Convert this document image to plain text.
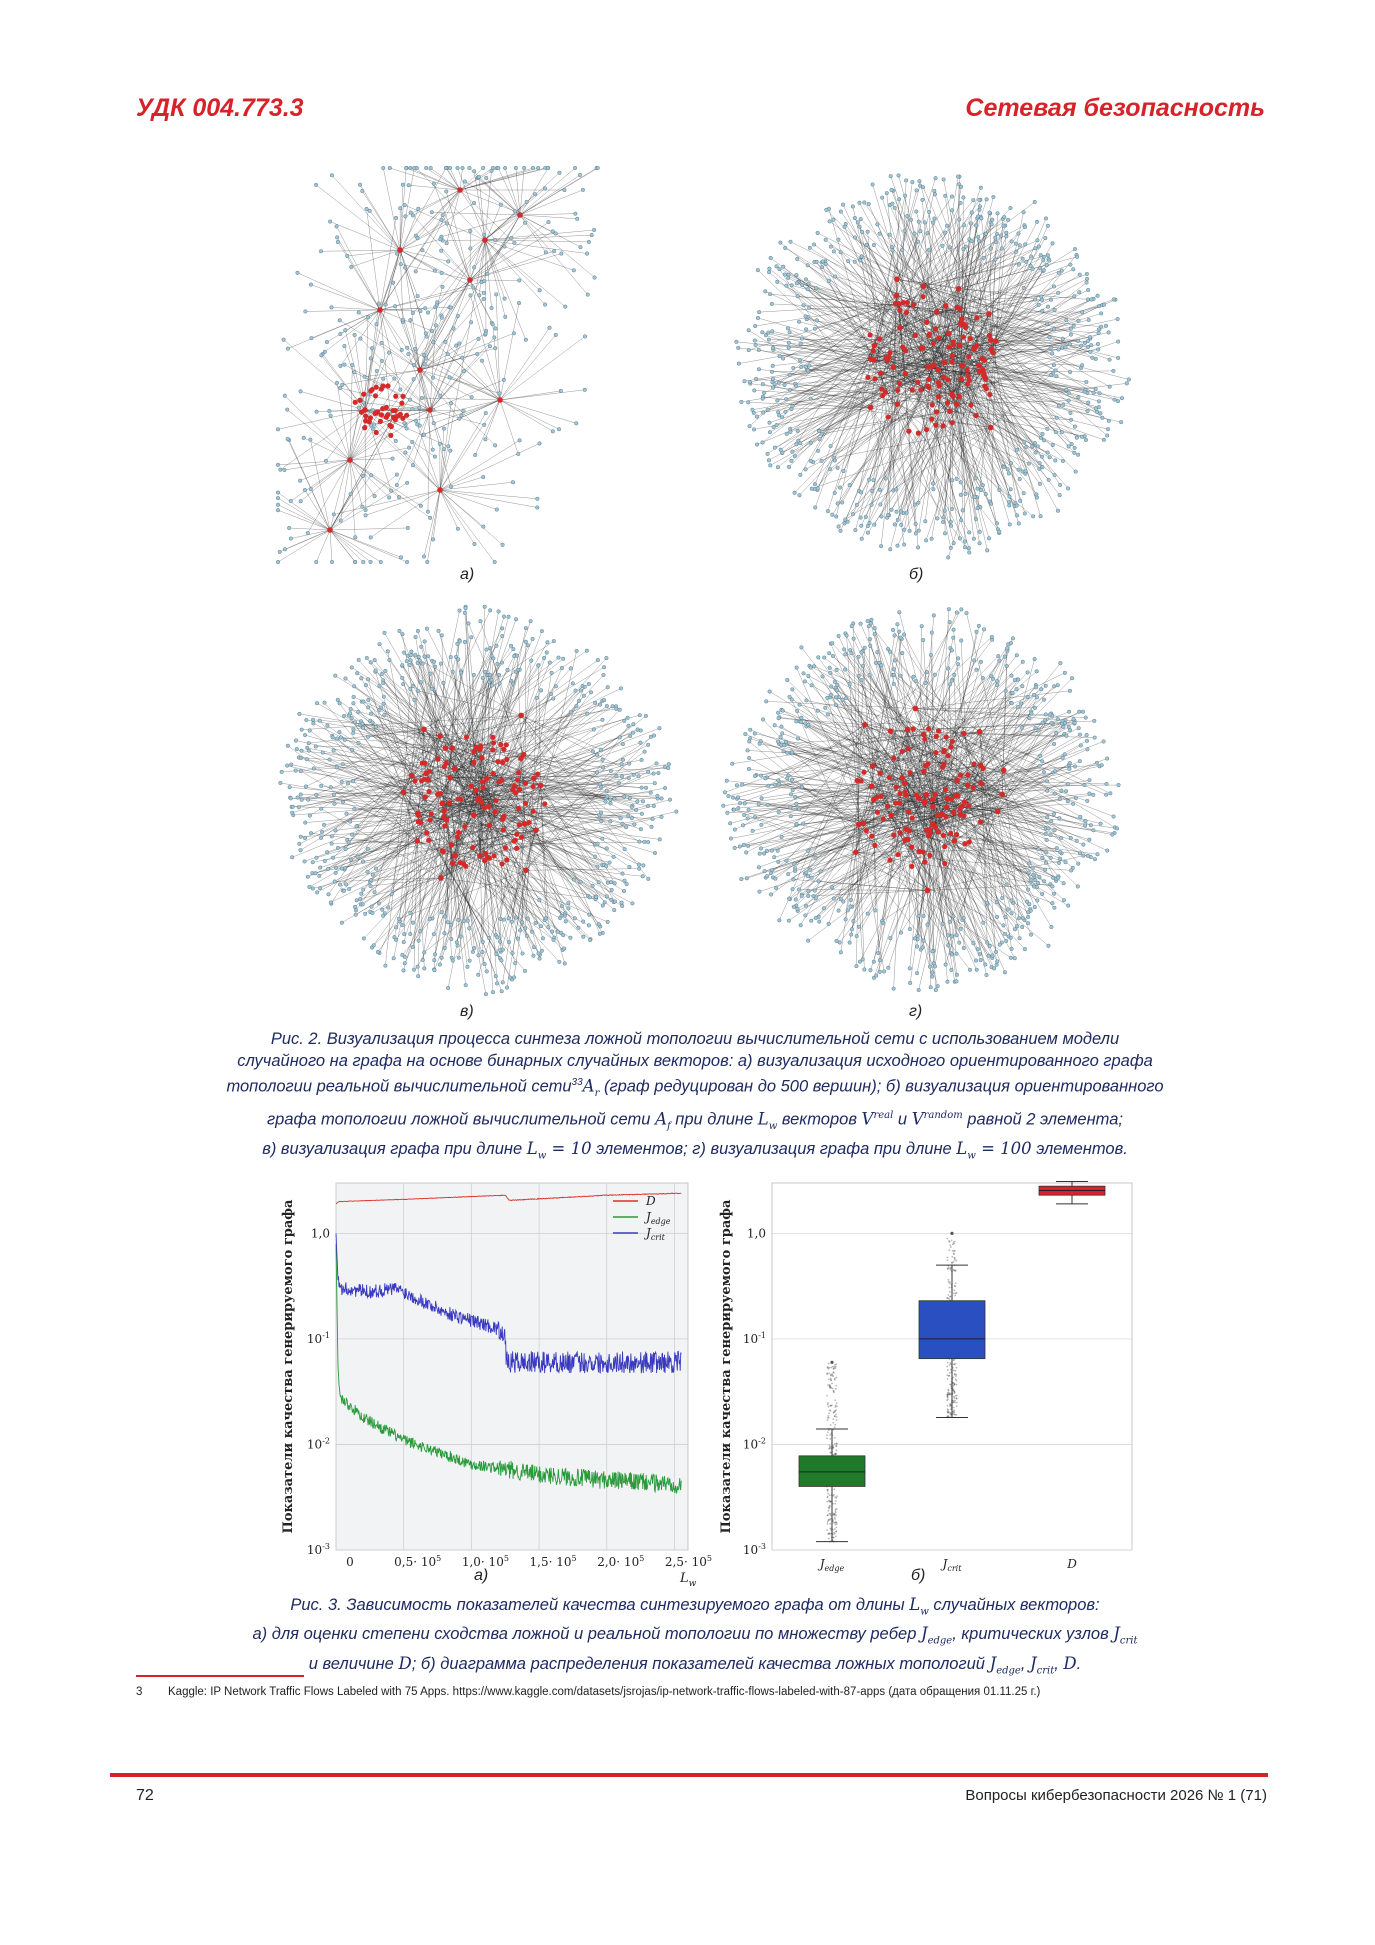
УДК 004.773.3	Сетевая безопасность
а)	б)
в)	г)
Рис. 2. Визуализация процесса синтеза ложной топологии вычислительной сети с использованием модели
случайного на графа на основе бинарных случайных векторов: а) визуализация исходного ориентированного графа
топологии реальной вычислительной $сети^{33}A_r$ (граф редуцирован до 500 вершин); б) визуализация ориентированного
графа топологии ложной вычислительной сети $A_f$ при длине $L_w$ векторов $V^{real}$ и $V^{random}$ равной 2 элемента;
в) визуализация графа при длине $L_w = 10$ элементов; г) визуализация графа при длине $L_w = 100$ элементов.
1,0
$10^{-1}$
$10^{-2}$
$10^{-3}$
0	$0,5\cdot 10^5$ $1,0\cdot 10^5$ $1,5\cdot 10^5$ $2,0\cdot 10^5$ $2,5\cdot 10^5$
$L_w$
Показатели качества генерируемого графа	D
$J_{edge}$
$J_{crit}$	1,0
$10^{-1}$
$10^{-2}$
$10^{-3}$
Показатели качества генерируемого графа
$J_{edge}$	$J_{crit}$	D
а)	б)
Рис. 3. Зависимость показателей качества синтезируемого графа от длины $L_w$ случайных векторов:
а) для оценки степени сходства ложной и реальной топологии по множеству ребер $J_{edge}$, критических узлов $J_{crit}$
и величине D; б) диаграмма распределения показателей качества ложных топологий $J_{edge}$, $J_{crit}$, D.
3 Kaggle: IP Network Traffic Flows Labeled with 75 Apps. https://www.kaggle.com/datasets/jsrojas/ip-network-traffic-flows-labeled-with-87-apps (дата обращения 01.11.25 г.)
72	Вопросы кибербезопасности 2026 № 1 (71)
